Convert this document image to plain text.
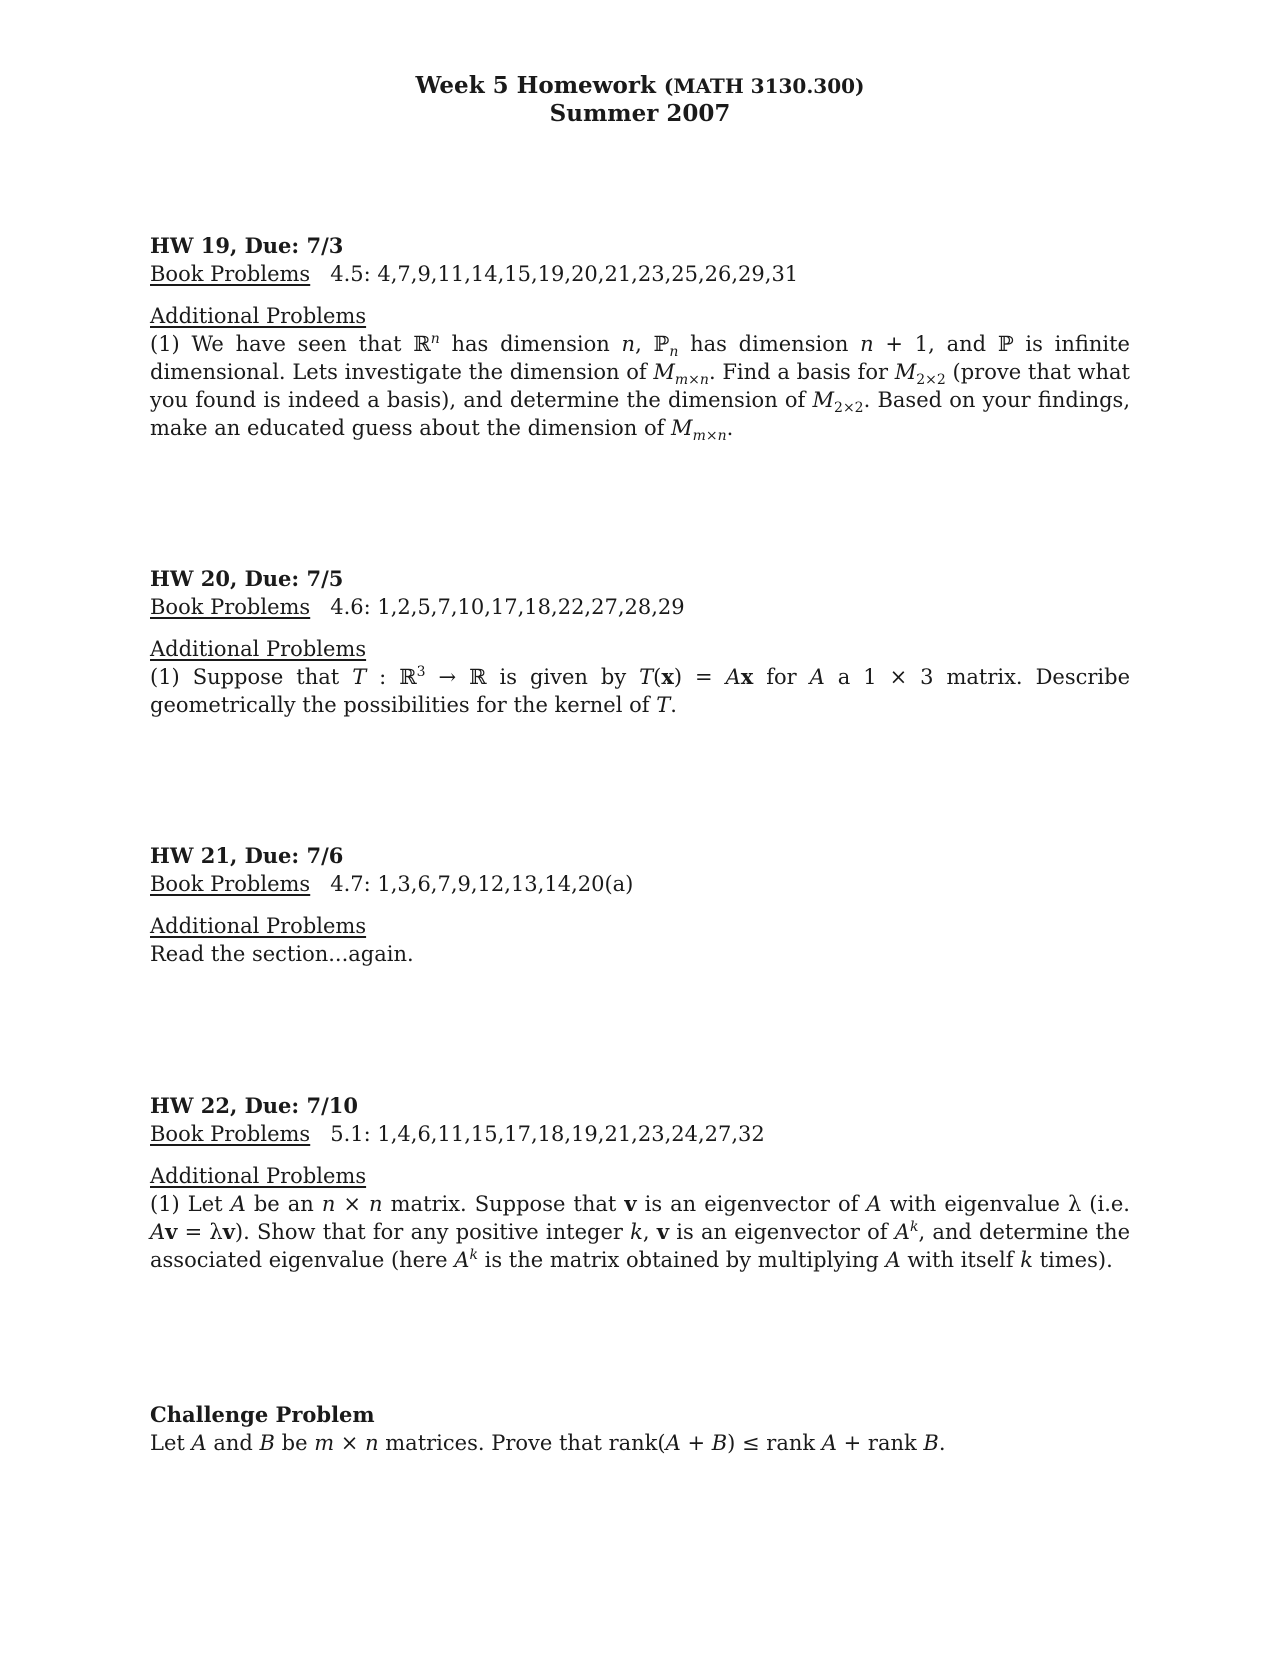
Week 5 Homework (MATH 3130.300)
Summer 2007

HW 19, Due: 7/3

Book Problems 4.5: 4,7,9,11,14,15,19,20,21,23,25,26,29,31

Additional Problems

(1) We have seen that ℝ$^n$ has dimension n, ℙ$_n$ has dimension n + 1, and ℙ is infinite dimensional. Lets investigate the dimension of $M_{m\times n}$. Find a basis for $M_{2\times 2}$ (prove that what you found is indeed a basis), and determine the dimension of $M_{2\times 2}$. Based on your findings, make an educated guess about the dimension of $M_{m\times n}$.

HW 20, Due: 7/5

Book Problems 4.6: 1,2,5,7,10,17,18,22,27,28,29

Additional Problems

(1) Suppose that T : ℝ$^3$ → ℝ is given by T(x) = Ax for A a 1 × 3 matrix. Describe geometrically the possibilities for the kernel of T.

HW 21, Due: 7/6

Book Problems 4.7: 1,3,6,7,9,12,13,14,20(a)

Additional Problems

Read the section...again.

HW 22, Due: 7/10

Book Problems 5.1: 1,4,6,11,15,17,18,19,21,23,24,27,32

Additional Problems

(1) Let A be an n × n matrix. Suppose that v is an eigenvector of A with eigenvalue λ (i.e. Av = λv). Show that for any positive integer k, v is an eigenvector of $A^k$, and determine the associated eigenvalue (here $A^k$ is the matrix obtained by multiplying A with itself k times).

Challenge Problem

Let A and B be m × n matrices. Prove that rank(A + B) ≤ rank A + rank B.
